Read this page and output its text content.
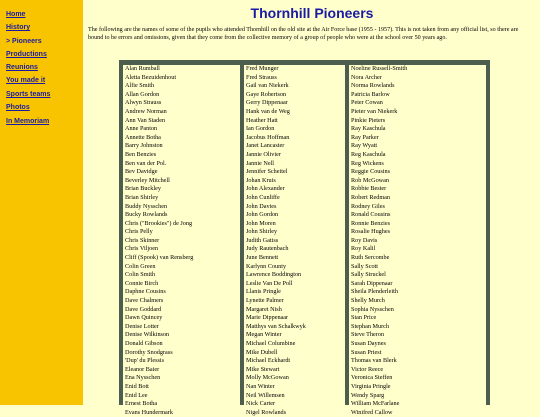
Home
History
> Pioneers
Productions
Reunions
You made it
Sports teams
Photos
In Memoriam
Thornhill Pioneers

The following are the names of some of the pupils who attended Thornhill on the old site at the Air Force base (1955 - 1957). This is not taken from any official list, so there are bound to be errors and omissions, given that they come from the collective memory of a group of people who were at the school over 50 years ago.

Alan Rumball
Aletta Bezuidenhout
Alfie Smith
Allan Gordon
Alwyn Strauss
Andrew Norman
Ann Van Staden
Anne Panton
Annette Botha
Barry Johnston
Ben Benzies
Ben van der Pol.
Bev Davidge
Beverley Mitchell
Brian Buckley
Brian Shirley
Buddy Nysschen
Bucky Rowlands
Chris ("Brookies") de Jong
Chris Pelly
Chris Skinner
Chris Viljoen
Cliff (Spook) van Rensberg
Colin Green
Colin Smith
Connie Birch
Daphne Cousins
Dave Chalmers
Dave Goddard
Dawn Quincey
Denise Lotter
Denise Wilkinson
Donald Gibson
Dorothy Snodgrass
'Dup' du Plessis
Eleanor Baier
Ena Nysschen
Enid Bott
Enid Lee
Ernest Botha
Evans Hundermark
Fred Munger
Fred Strauss
Gail van Niekerk
Gaye Robertson
Gerry Dippenaar
Hank van de Weg
Heather Hatt
Ian Gordon
Jacobus Hoffman
Janet Lancaster
Jannie Olivier
Jannie Nell
Jennifer Scheitel
Johan Kruis
John Alexander
John Cunliffe
John Davies
John Gordon
John Moren
John Shirley
Judith Gatiss
Judy Rautenbach
June Bennett
Karlynn County
Lawrence Boddington
Leslie Van De Poll
Llanis Pringle
Lynette Palmer
Margaret Nish
Marie Dippenaar
Matthys van Schalkwyk
Megan Winter
Michael Columbine
Mike Dubell
Michael Eckhardt
Mike Stewart
Molly McGowan
Nan Winter
Neil Willemsen
Nick Carter
Nigel Rowlands
Noeline Russell-Smith
Nora Archer
Norma Rowlands
Patricia Barlow
Peter Cowan
Pieter van Niekerk
Pinkie Pieters
Ray Kaschula
Ray Parker
Ray Wyatt
Reg Kaschula
Reg Wickens
Reggie Cousins
Rob McGowan
Robbie Bester
Robert Redman
Rodney Giles
Ronald Cousins
Ronnie Benzies
Rosalie Hughes
Roy Davis
Roy Kalil
Ruth Sercombe
Sally Scott
Sally Struckel
Sarah Dippenaar
Sheila Plenderleith
Shelly Murch
Sophia Nysschen
Stan Price
Stephan Murch
Steve Theron
Susan Daynes
Susan Priest
Thomas van Blerk
Victor Reece
Veronica Steffen
Virginia Pringle
Wendy Sparg
William McFarlane
Winifred Callow
